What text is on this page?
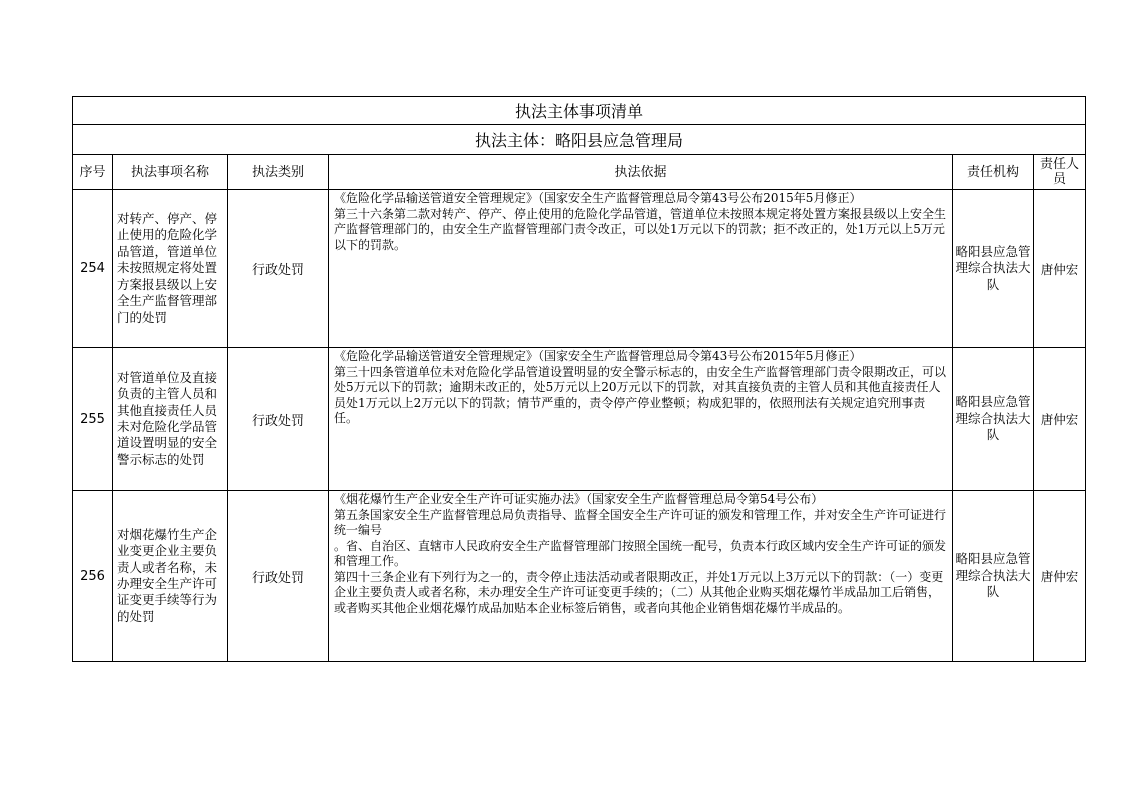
执法主体事项清单					
执法主体：略阳县应急管理局					
序号	执法事项名称	执法类别	执法依据	责任机构	责任人员
254	对转产、停产、停止使用的危险化学品管道，管道单位未按照规定将处置方案报县级以上安全生产监督管理部门的处罚	行政处罚	《危险化学品输送管道安全管理规定》（国家安全生产监督管理总局令第43号公布2015年5月修正）
第三十六条第二款对转产、停产、停止使用的危险化学品管道，管道单位未按照本规定将处置方案报县级以上安全生产监督管理部门的，由安全生产监督管理部门责令改正，可以处1万元以下的罚款；拒不改正的，处1万元以上5万元以下的罚款。	略阳县应急管理综合执法大队	唐仲宏
255	对管道单位及直接负责的主管人员和其他直接责任人员未对危险化学品管道设置明显的安全警示标志的处罚	行政处罚	《危险化学品输送管道安全管理规定》（国家安全生产监督管理总局令第43号公布2015年5月修正）
第三十四条管道单位未对危险化学品管道设置明显的安全警示标志的，由安全生产监督管理部门责令限期改正，可以处5万元以下的罚款；逾期未改正的，处5万元以上20万元以下的罚款，对其直接负责的主管人员和其他直接责任人员处1万元以上2万元以下的罚款；情节严重的，责令停产停业整顿；构成犯罪的，依照刑法有关规定追究刑事责任。	略阳县应急管理综合执法大队	唐仲宏
256	对烟花爆竹生产企业变更企业主要负责人或者名称，未办理安全生产许可证变更手续等行为的处罚	行政处罚	《烟花爆竹生产企业安全生产许可证实施办法》（国家安全生产监督管理总局令第54号公布）
第五条国家安全生产监督管理总局负责指导、监督全国安全生产许可证的颁发和管理工作，并对安全生产许可证进行统一编号
。省、自治区、直辖市人民政府安全生产监督管理部门按照全国统一配号，负责本行政区域内安全生产许可证的颁发和管理工作。
第四十三条企业有下列行为之一的，责令停止违法活动或者限期改正，并处1万元以上3万元以下的罚款：（一）变更企业主要负责人或者名称，未办理安全生产许可证变更手续的；（二）从其他企业购买烟花爆竹半成品加工后销售，或者购买其他企业烟花爆竹成品加贴本企业标签后销售，或者向其他企业销售烟花爆竹半成品的。	略阳县应急管理综合执法大队	唐仲宏
